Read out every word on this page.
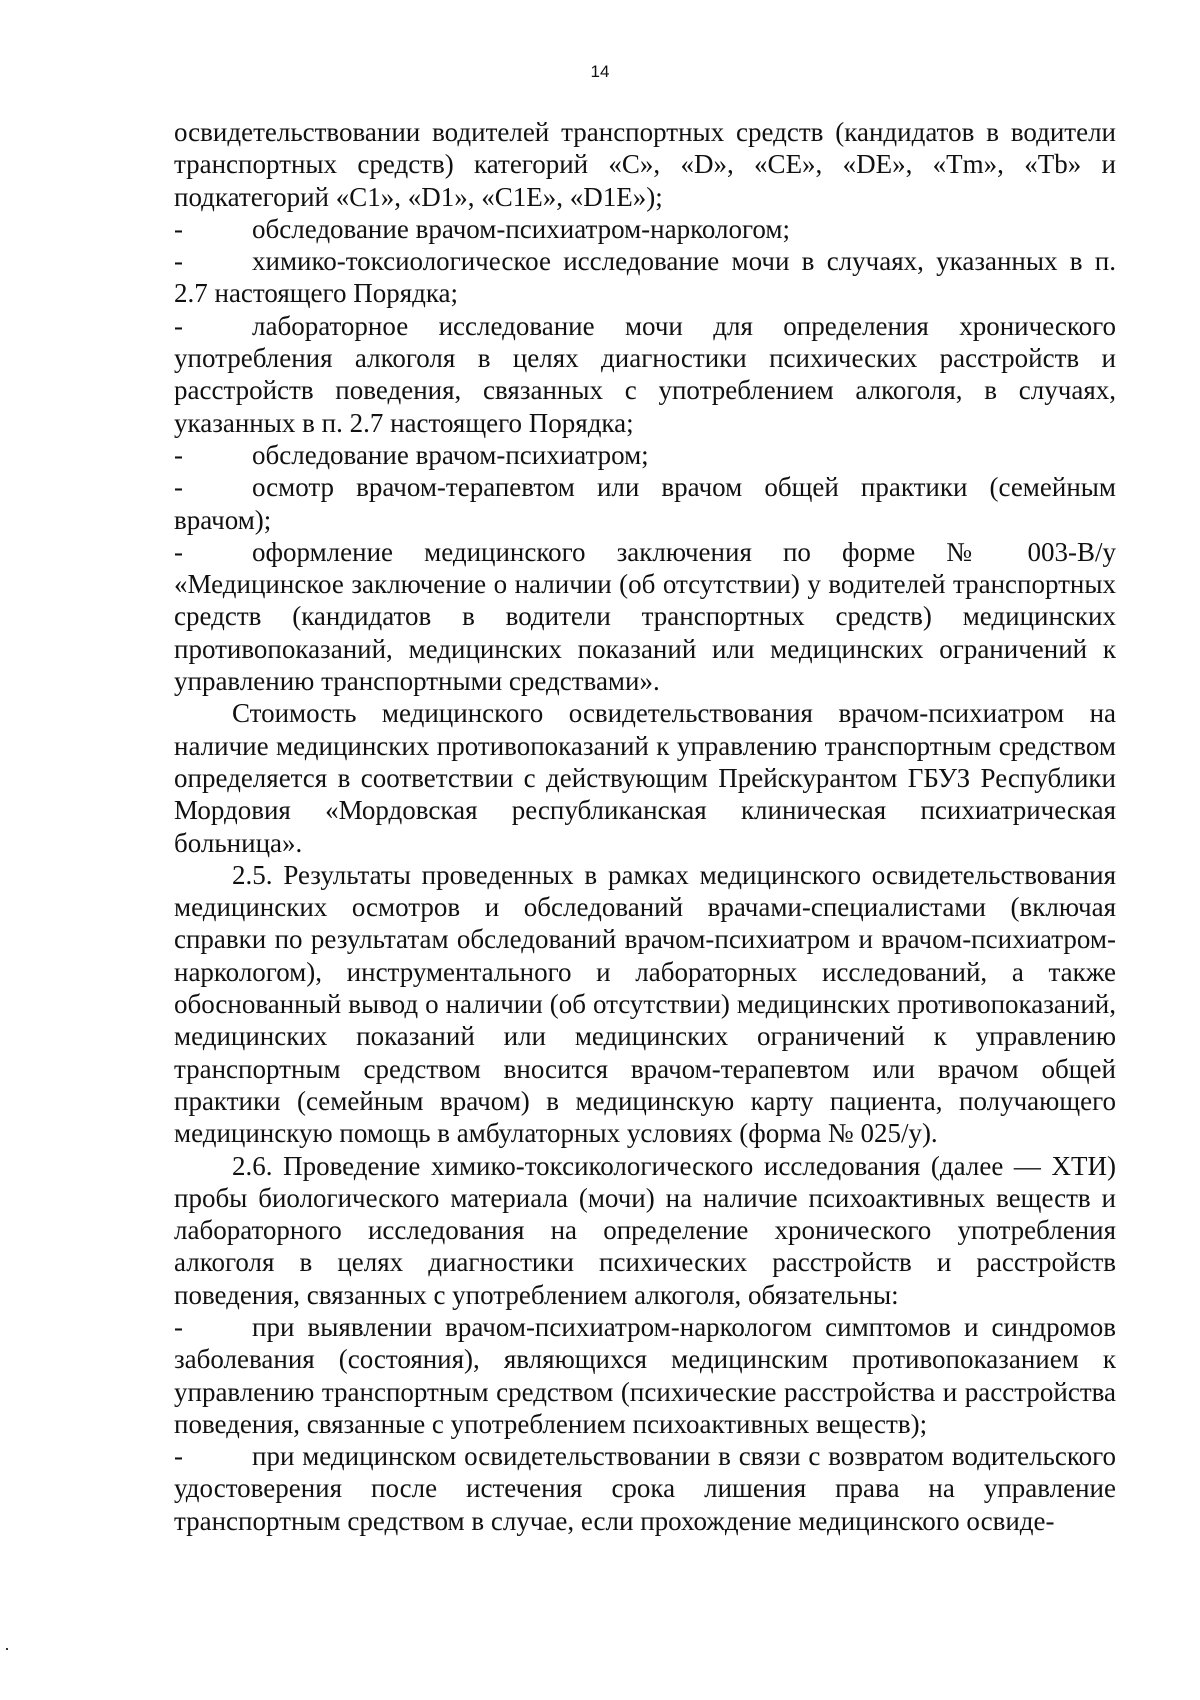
14

освидетельствовании водителей транспортных средств (кандидатов в водители транспортных средств) категорий «С», «D», «СЕ», «DE», «Tm», «Tb» и подкатегорий «С1», «D1», «C1E», «D1E»);

-	обследование врачом-психиатром-наркологом;

-	химико-токсиологическое исследование мочи в случаях, указанных в п. 2.7 настоящего Порядка;

-	лабораторное исследование мочи для определения хронического употребления алкоголя в целях диагностики психических расстройств и расстройств поведения, связанных с употреблением алкоголя, в случаях, указанных в п. 2.7 настоящего Порядка;

-	обследование врачом-психиатром;

-	осмотр врачом-терапевтом или врачом общей практики (семейным врачом);

-	оформление медицинского заключения по форме № 003-В/у «Медицинское заключение о наличии (об отсутствии) у водителей транспортных средств (кандидатов в водители транспортных средств) медицинских противопоказаний, медицинских показаний или медицинских ограничений к управлению транспортными средствами».

Стоимость медицинского освидетельствования врачом-психиатром на наличие медицинских противопоказаний к управлению транспортным средством определяется в соответствии с действующим Прейскурантом ГБУЗ Республики Мордовия «Мордовская республиканская клиническая психиатрическая больница».

2.5. Результаты проведенных в рамках медицинского освидетельствования медицинских осмотров и обследований врачами-специалистами (включая справки по результатам обследований врачом-психиатром и врачом-психиатром-наркологом), инструментального и лабораторных исследований, а также обоснованный вывод о наличии (об отсутствии) медицинских противопоказаний, медицинских показаний или медицинских ограничений к управлению транспортным средством вносится врачом-терапевтом или врачом общей практики (семейным врачом) в медицинскую карту пациента, получающего медицинскую помощь в амбулаторных условиях (форма № 025/у).

2.6. Проведение химико-токсикологического исследования (далее — ХТИ) пробы биологического материала (мочи) на наличие психоактивных веществ и лабораторного исследования на определение хронического употребления алкоголя в целях диагностики психических расстройств и расстройств поведения, связанных с употреблением алкоголя, обязательны:

-	при выявлении врачом-психиатром-наркологом симптомов и синдромов заболевания (состояния), являющихся медицинским противопоказанием к управлению транспортным средством (психические расстройства и расстройства поведения, связанные с употреблением психоактивных веществ);

-	при медицинском освидетельствовании в связи с возвратом водительского удостоверения после истечения срока лишения права на управление транспортным средством в случае, если прохождение медицинского освиде-
